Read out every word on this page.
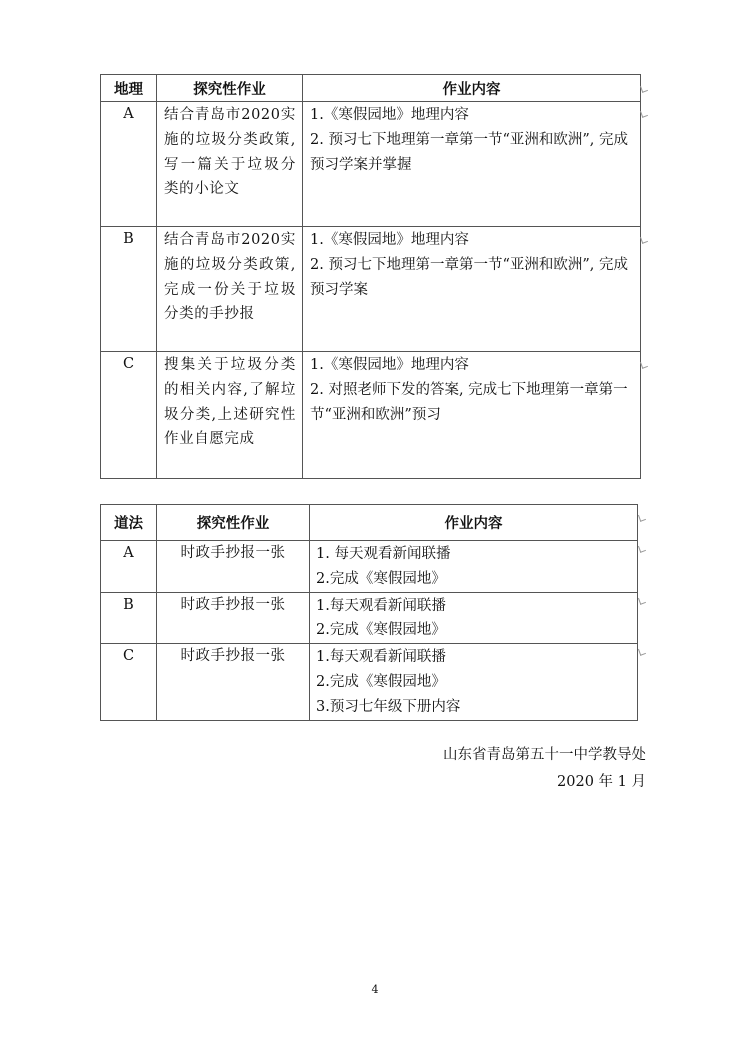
地理	探究性作业	作业内容
A	结合青岛市2020实施的垃圾分类政策,写一篇关于垃圾分类的小论文	1.《寒假园地》地理内容
2. 预习七下地理第一章第一节“亚洲和欧洲”, 完成预习学案并掌握

B	结合青岛市2020实施的垃圾分类政策,完成一份关于垃圾分类的手抄报	1.《寒假园地》地理内容
2. 预习七下地理第一章第一节“亚洲和欧洲”, 完成预习学案

C	搜集关于垃圾分类的相关内容,了解垃圾分类,上述研究性作业自愿完成	1.《寒假园地》地理内容
2. 对照老师下发的答案, 完成七下地理第一章第一节“亚洲和欧洲”预习
道法	探究性作业	作业内容
A	时政手抄报一张	1. 每天观看新闻联播
2.完成《寒假园地》

B	时政手抄报一张	1.每天观看新闻联播
2.完成《寒假园地》

C	时政手抄报一张	1.每天观看新闻联播
2.完成《寒假园地》
3.预习七年级下册内容
山东省青岛第五十一中学教导处
2020 年 1 月
4
